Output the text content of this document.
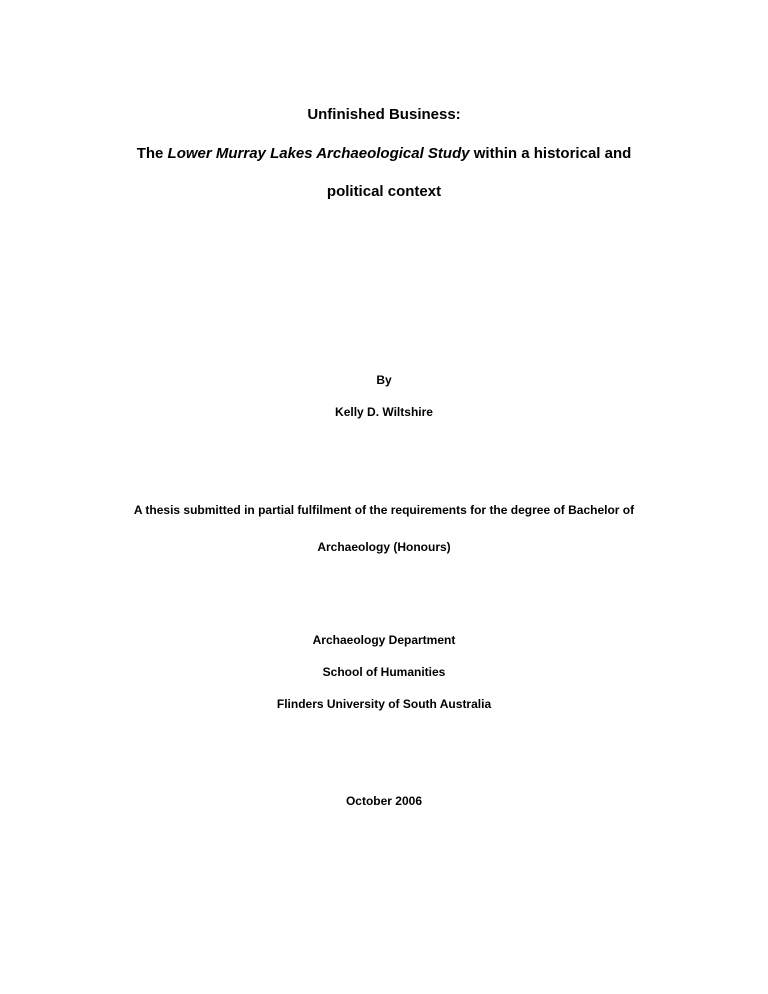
Unfinished Business:
The Lower Murray Lakes Archaeological Study within a historical and
political context
By
Kelly D. Wiltshire
A thesis submitted in partial fulfilment of the requirements for the degree of Bachelor of
Archaeology (Honours)
Archaeology Department
School of Humanities
Flinders University of South Australia
October 2006
